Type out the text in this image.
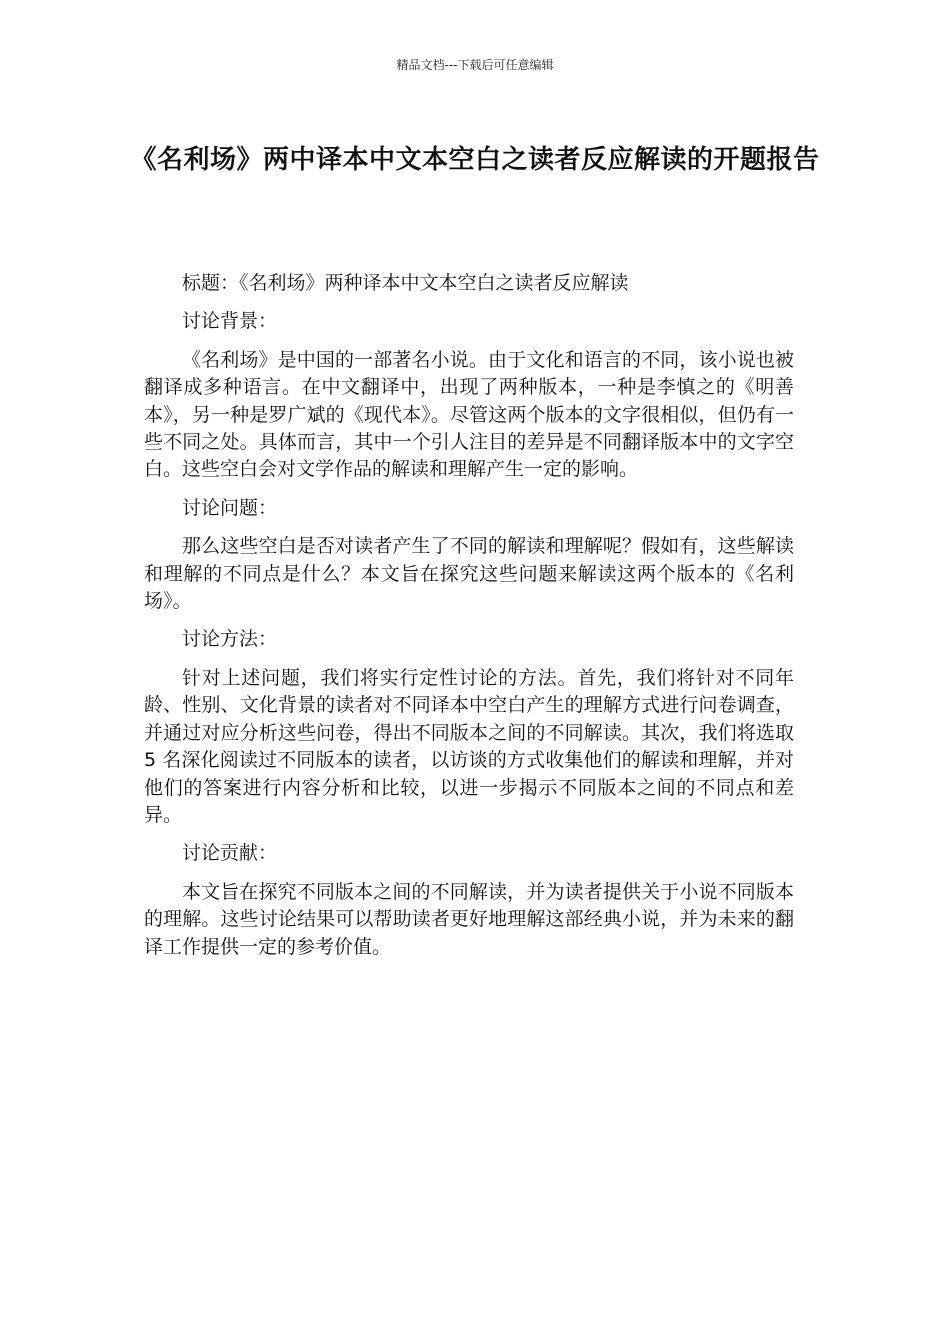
精品文档---下载后可任意编辑
《名利场》两中译本中文本空白之读者反应解读的开题报告

标题：《名利场》两种译本中文本空白之读者反应解读

讨论背景：

《名利场》是中国的一部著名小说。由于文化和语言的不同，该小说也被翻译成多种语言。在中文翻译中，出现了两种版本，一种是李慎之的《明善本》，另一种是罗广斌的《现代本》。尽管这两个版本的文字很相似，但仍有一些不同之处。具体而言，其中一个引人注目的差异是不同翻译版本中的文字空白。这些空白会对文学作品的解读和理解产生一定的影响。

讨论问题：

那么这些空白是否对读者产生了不同的解读和理解呢？假如有，这些解读和理解的不同点是什么？本文旨在探究这些问题来解读这两个版本的《名利场》。

讨论方法：

针对上述问题，我们将实行定性讨论的方法。首先，我们将针对不同年龄、性别、文化背景的读者对不同译本中空白产生的理解方式进行问卷调查，并通过对应分析这些问卷，得出不同版本之间的不同解读。其次，我们将选取 5 名深化阅读过不同版本的读者，以访谈的方式收集他们的解读和理解，并对他们的答案进行内容分析和比较，以进一步揭示不同版本之间的不同点和差异。

讨论贡献：

本文旨在探究不同版本之间的不同解读，并为读者提供关于小说不同版本的理解。这些讨论结果可以帮助读者更好地理解这部经典小说，并为未来的翻译工作提供一定的参考价值。
